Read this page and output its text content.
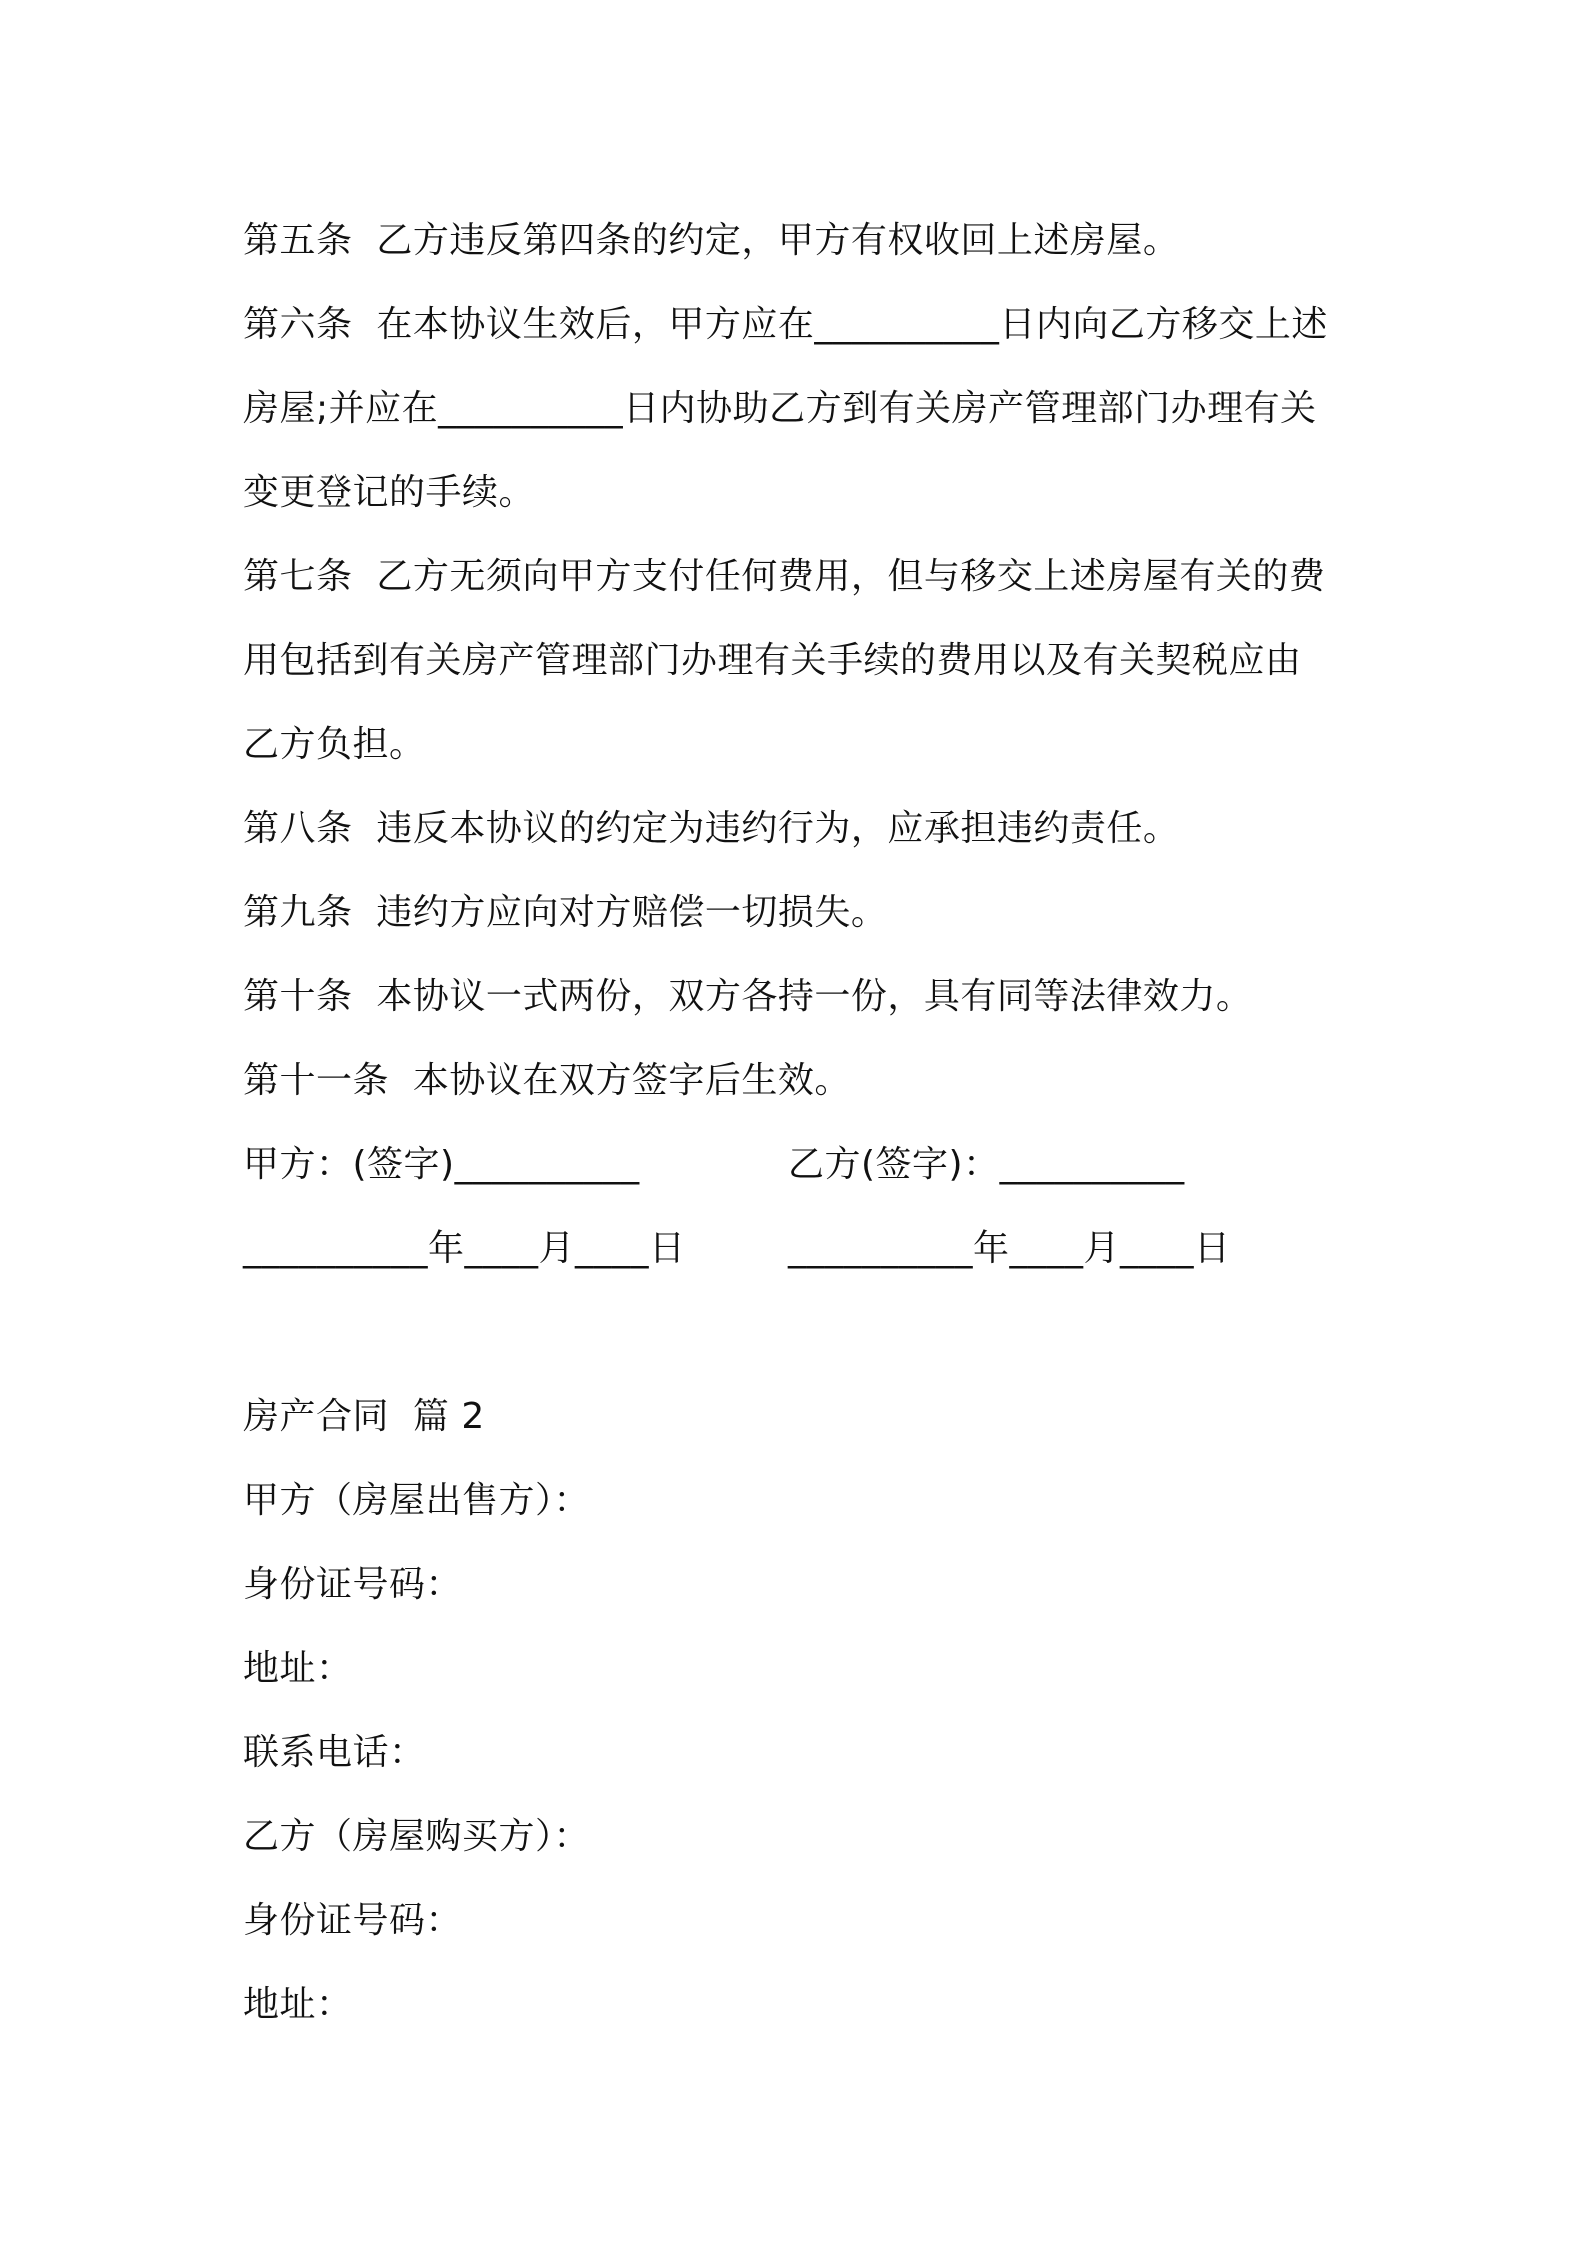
第五条  乙方违反第四条的约定，甲方有权收回上述房屋。
第六条  在本协议生效后，甲方应在__________日内向乙方移交上述
房屋;并应在__________日内协助乙方到有关房产管理部门办理有关
变更登记的手续。
第七条  乙方无须向甲方支付任何费用，但与移交上述房屋有关的费
用包括到有关房产管理部门办理有关手续的费用以及有关契税应由
乙方负担。
第八条  违反本协议的约定为违约行为，应承担违约责任。
第九条  违约方应向对方赔偿一切损失。
第十条  本协议一式两份，双方各持一份，具有同等法律效力。
第十一条  本协议在双方签字后生效。

甲方：(签字)__________

	乙方(签字)：__________

__________年____月____日

	__________年____月____日

房产合同  篇 2
甲方（房屋出售方）：
身份证号码：
地址：
联系电话：
乙方（房屋购买方）：
身份证号码：
地址：
